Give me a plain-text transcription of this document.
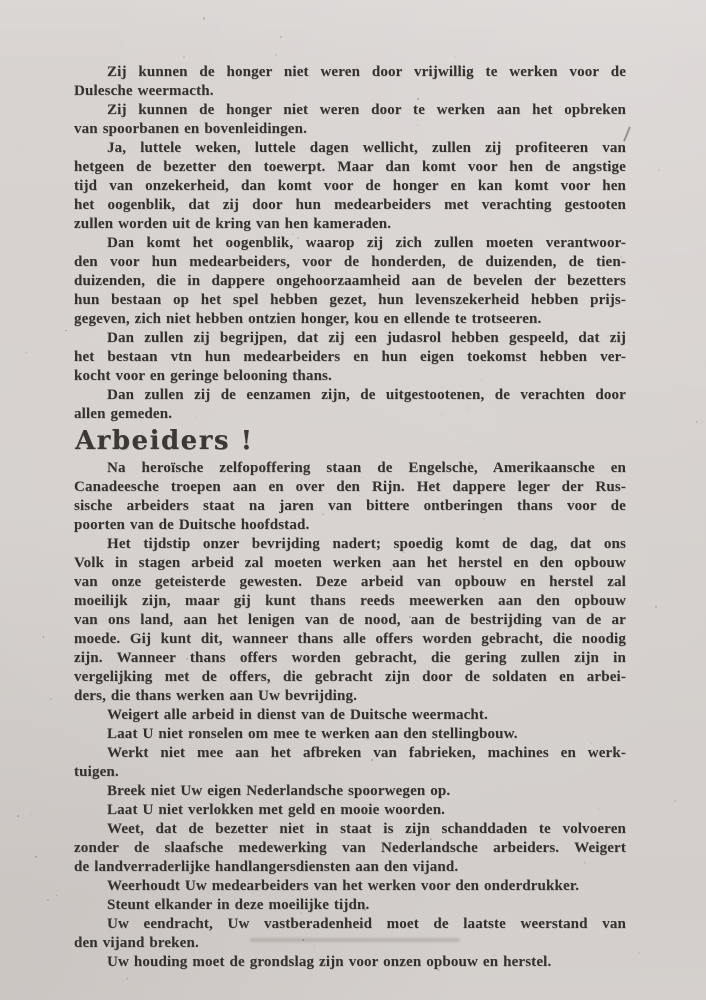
Zij kunnen de honger niet weren door vrijwillig te werken voor de
Dulesche weermacth.
Zij kunnen de honger niet weren door te werken aan het opbreken
van spoorbanen en bovenleidingen.
Ja, luttele weken, luttele dagen wellicht, zullen zij profiteeren van
hetgeen de bezetter den toewerpt. Maar dan komt voor hen de angstige
tijd van onzekerheid, dan komt voor de honger en kan komt voor hen
het oogenblik, dat zij door hun medearbeiders met verachting gestooten
zullen worden uit de kring van hen kameraden.
Dan komt het oogenblik, waarop zij zich zullen moeten verantwoor-
den voor hun medearbeiders, voor de honderden, de duizenden, de tien-
duizenden, die in dappere ongehoorzaamheid aan de bevelen der bezetters
hun bestaan op het spel hebben gezet, hun levenszekerheid hebben prijs-
gegeven, zich niet hebben ontzien honger, kou en ellende te trotseeren.
Dan zullen zij begrijpen, dat zij een judasrol hebben gespeeld, dat zij
het bestaan vtn hun medearbeiders en hun eigen toekomst hebben ver-
kocht voor en geringe belooning thans.
Dan zullen zij de eenzamen zijn, de uitgestootenen, de verachten door
allen gemeden.
Arbeiders !
Na heroïsche zelfopoffering staan de Engelsche, Amerikaansche en
Canadeesche troepen aan en over den Rijn. Het dappere leger der Rus-
sische arbeiders staat na jaren van bittere ontberingen thans voor de
poorten van de Duitsche hoofdstad.
Het tijdstip onzer bevrijding nadert; spoedig komt de dag, dat ons
Volk in stagen arbeid zal moeten werken aan het herstel en den opbouw
van onze geteisterde gewesten. Deze arbeid van opbouw en herstel zal
moeilijk zijn, maar gij kunt thans reeds meewerken aan den opbouw
van ons land, aan het lenigen van de nood, aan de bestrijding van de ar
moede. Gij kunt dit, wanneer thans alle offers worden gebracht, die noodig
zijn. Wanneer thans offers worden gebracht, die gering zullen zijn in
vergelijking met de offers, die gebracht zijn door de soldaten en arbei-
ders, die thans werken aan Uw bevrijding.
Weigert alle arbeid in dienst van de Duitsche weermacht.
Laat U niet ronselen om mee te werken aan den stellingbouw.
Werkt niet mee aan het afbreken van fabrieken, machines en werk-
tuigen.
Breek niet Uw eigen Nederlandsche spoorwegen op.
Laat U niet verlokken met geld en mooie woorden.
Weet, dat de bezetter niet in staat is zijn schanddaden te volvoeren
zonder de slaafsche medewerking van Nederlandsche arbeiders. Weigert
de landverraderlijke handlangersdiensten aan den vijand.
Weerhoudt Uw medearbeiders van het werken voor den onderdrukker.
Steunt elkander in deze moeilijke tijdn.
Uw eendracht, Uw vastberadenheid moet de laatste weerstand van
den vijand breken.
Uw houding moet de grondslag zijn voor onzen opbouw en herstel.
